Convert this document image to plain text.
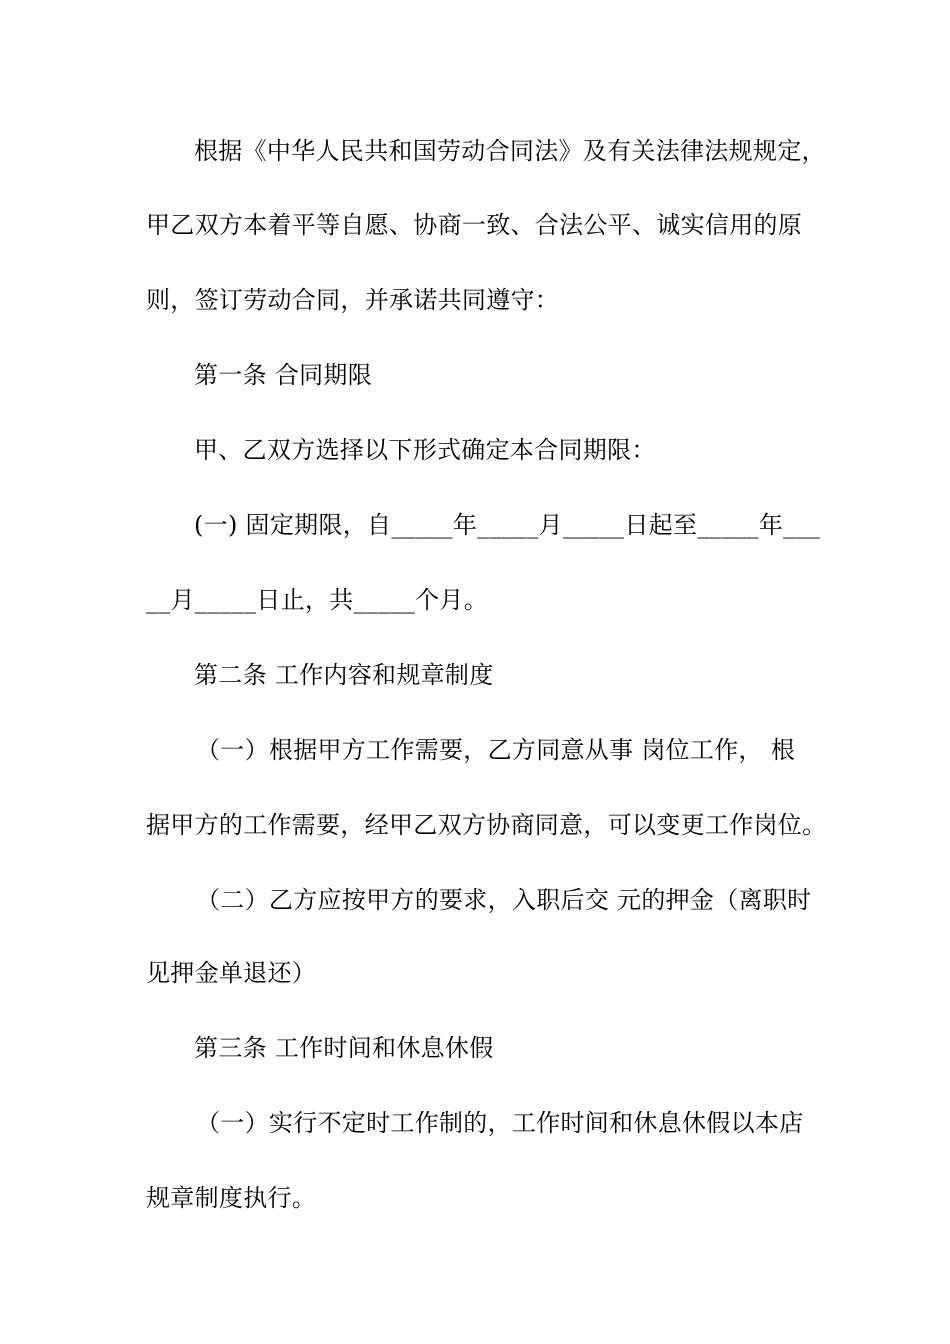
根据《中华人民共和国劳动合同法》及有关法律法规规定，
甲乙双方本着平等自愿、协商一致、合法公平、诚实信用的原
则，签订劳动合同，并承诺共同遵守：
第一条 合同期限
甲、乙双方选择以下形式确定本合同期限：
(一) 固定期限，自_____年_____月_____日起至_____年___
__月_____日止，共_____个月。
第二条 工作内容和规章制度
（一）根据甲方工作需要，乙方同意从事 岗位工作， 根
据甲方的工作需要，经甲乙双方协商同意，可以变更工作岗位。
（二）乙方应按甲方的要求，入职后交 元的押金（离职时
见押金单退还）
第三条 工作时间和休息休假
（一）实行不定时工作制的，工作时间和休息休假以本店
规章制度执行。
